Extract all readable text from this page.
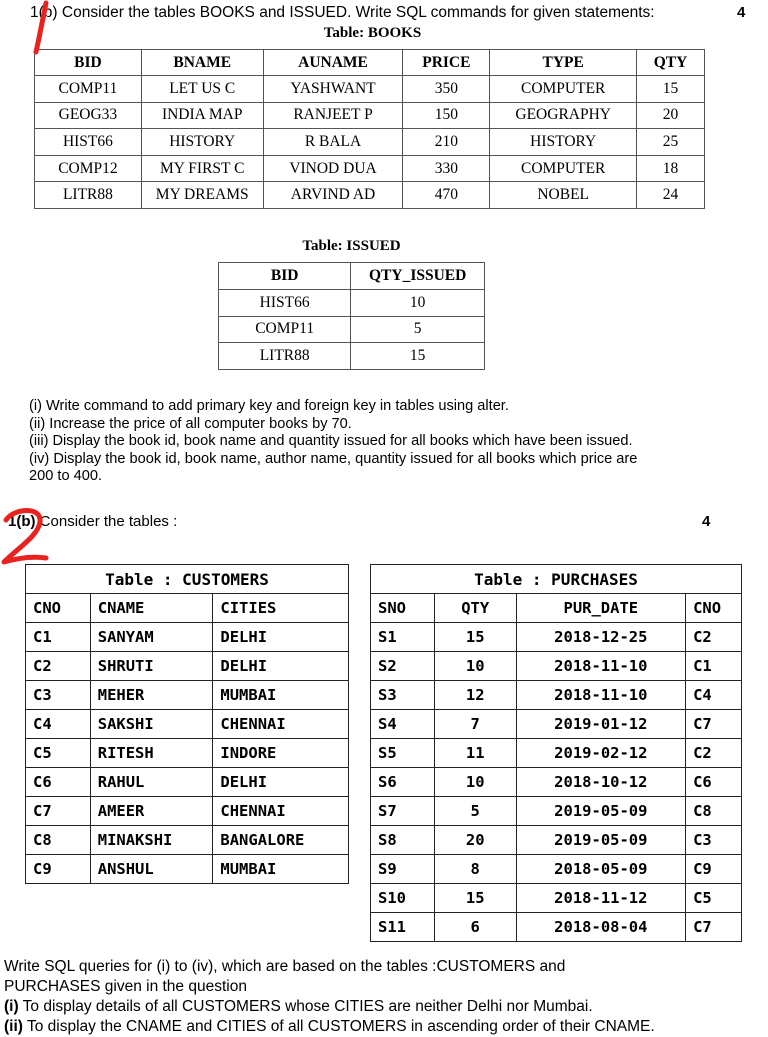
1(b) Consider the tables BOOKS and ISSUED. Write SQL commands for given statements:	4
Table: BOOKS
BID	BNAME	AUNAME	PRICE	TYPE	QTY
COMP11	LET US C	YASHWANT	350	COMPUTER	15
GEOG33	INDIA MAP	RANJEET P	150	GEOGRAPHY	20
HIST66	HISTORY	R BALA	210	HISTORY	25
COMP12	MY FIRST C	VINOD DUA	330	COMPUTER	18
LITR88	MY DREAMS	ARVIND AD	470	NOBEL	24
Table: ISSUED
BID	QTY_ISSUED
HIST66	10
COMP11	5
LITR88	15
(i) Write command to add primary key and foreign key in tables using alter.
(ii) Increase the price of all computer books by 70.
(iii) Display the book id, book name and quantity issued for all books which have been issued.
(iv) Display the book id, book name, author name, quantity issued for all books which price are
200 to 400.
1(b) Consider the tables :	4
Table : CUSTOMERS		
CNO	CNAME	CITIES
C1	SANYAM	DELHI
C2	SHRUTI	DELHI
C3	MEHER	MUMBAI
C4	SAKSHI	CHENNAI
C5	RITESH	INDORE
C6	RAHUL	DELHI
C7	AMEER	CHENNAI
C8	MINAKSHI	BANGALORE
C9	ANSHUL	MUMBAI
Table : PURCHASES			
SNO	QTY	PUR_DATE	CNO
S1	15	2018-12-25	C2
S2	10	2018-11-10	C1
S3	12	2018-11-10	C4
S4	7	2019-01-12	C7
S5	11	2019-02-12	C2
S6	10	2018-10-12	C6
S7	5	2019-05-09	C8
S8	20	2019-05-09	C3
S9	8	2018-05-09	C9
S10	15	2018-11-12	C5
S11	6	2018-08-04	C7
Write SQL queries for (i) to (iv), which are based on the tables :CUSTOMERS and
PURCHASES given in the question
(i) To display details of all CUSTOMERS whose CITIES are neither Delhi nor Mumbai.
(ii) To display the CNAME and CITIES of all CUSTOMERS in ascending order of their CNAME.
